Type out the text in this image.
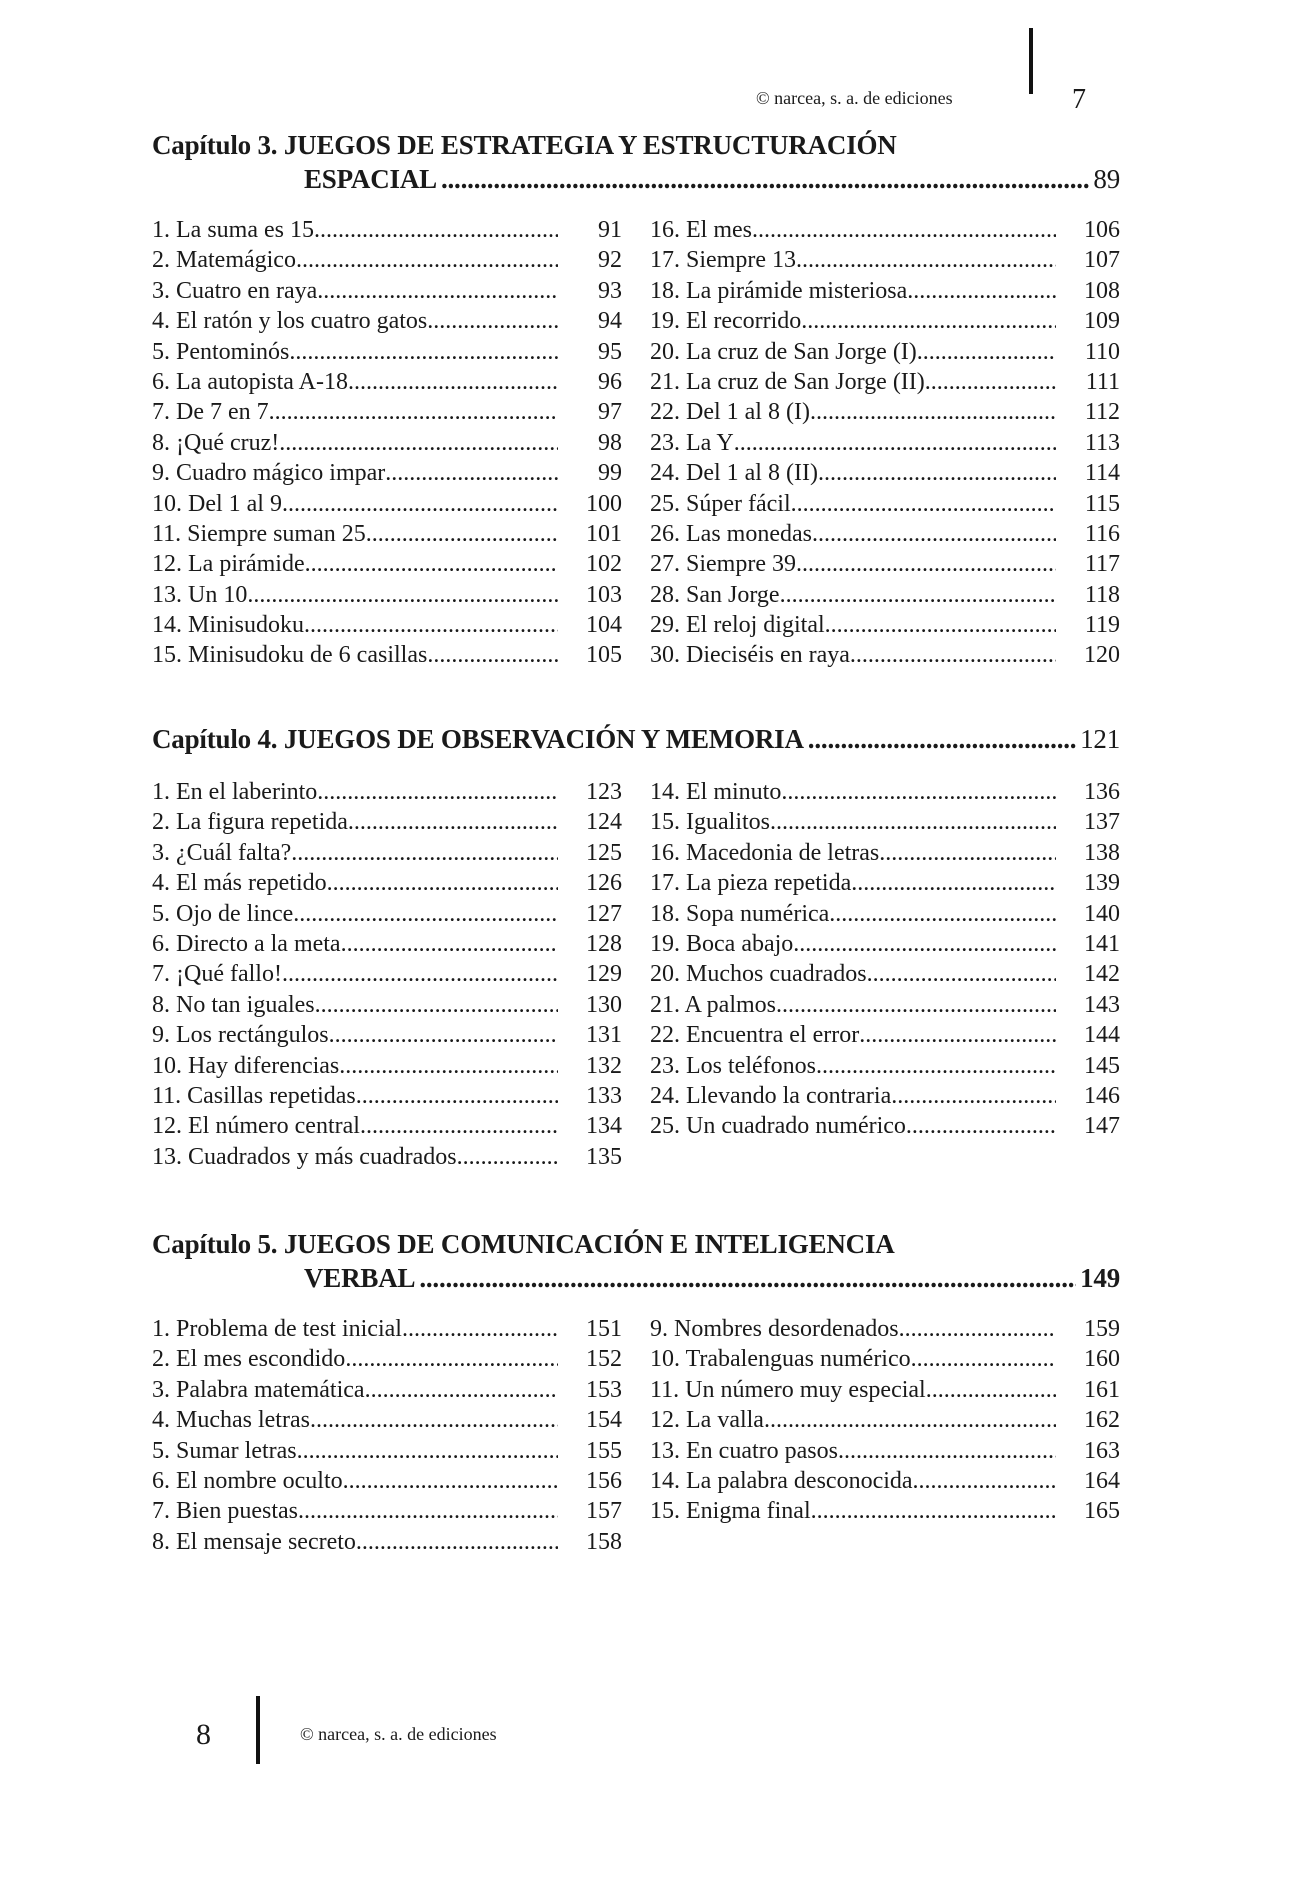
© narcea, s. a. de ediciones	7
Capítulo 3. JUEGOS DE ESTRATEGIA Y ESTRUCTURACIÓN
ESPACIAL .....	89
1. La suma es 15 .....	91
2. Matemágico .....	92
3. Cuatro en raya .....	93
4. El ratón y los cuatro gatos .....	94
5. Pentominós .....	95
6. La autopista A-18 .....	96
7. De 7 en 7 .....	97
8. ¡Qué cruz! .....	98
9. Cuadro mágico impar .....	99
10. Del 1 al 9 .....	100
11. Siempre suman 25 .....	101
12. La pirámide .....	102
13. Un 10 .....	103
14. Minisudoku .....	104
15. Minisudoku de 6 casillas .....	105
16. El mes .....	106
17. Siempre 13 .....	107
18. La pirámide misteriosa .....	108
19. El recorrido .....	109
20. La cruz de San Jorge (I) .....	110
21. La cruz de San Jorge (II) .....	111
22. Del 1 al 8 (I) .....	112
23. La Y .....	113
24. Del 1 al 8 (II) .....	114
25. Súper fácil .....	115
26. Las monedas .....	116
27. Siempre 39 .....	117
28. San Jorge .....	118
29. El reloj digital .....	119
30. Dieciséis en raya .....	120
Capítulo 4. JUEGOS DE OBSERVACIÓN Y MEMORIA .....	121
1. En el laberinto .....	123
2. La figura repetida .....	124
3. ¿Cuál falta? .....	125
4. El más repetido .....	126
5. Ojo de lince .....	127
6. Directo a la meta .....	128
7. ¡Qué fallo! .....	129
8. No tan iguales .....	130
9. Los rectángulos .....	131
10. Hay diferencias .....	132
11. Casillas repetidas .....	133
12. El número central .....	134
13. Cuadrados y más cuadrados .....	135
14. El minuto .....	136
15. Igualitos .....	137
16. Macedonia de letras .....	138
17. La pieza repetida .....	139
18. Sopa numérica .....	140
19. Boca abajo .....	141
20. Muchos cuadrados .....	142
21. A palmos .....	143
22. Encuentra el error .....	144
23. Los teléfonos .....	145
24. Llevando la contraria .....	146
25. Un cuadrado numérico .....	147
Capítulo 5. JUEGOS DE COMUNICACIÓN E INTELIGENCIA
VERBAL .....	149
1. Problema de test inicial .....	151
2. El mes escondido .....	152
3. Palabra matemática .....	153
4. Muchas letras .....	154
5. Sumar letras .....	155
6. El nombre oculto .....	156
7. Bien puestas .....	157
8. El mensaje secreto .....	158
9. Nombres desordenados .....	159
10. Trabalenguas numérico .....	160
11. Un número muy especial .....	161
12. La valla .....	162
13. En cuatro pasos .....	163
14. La palabra desconocida .....	164
15. Enigma final .....	165
8	© narcea, s. a. de ediciones
